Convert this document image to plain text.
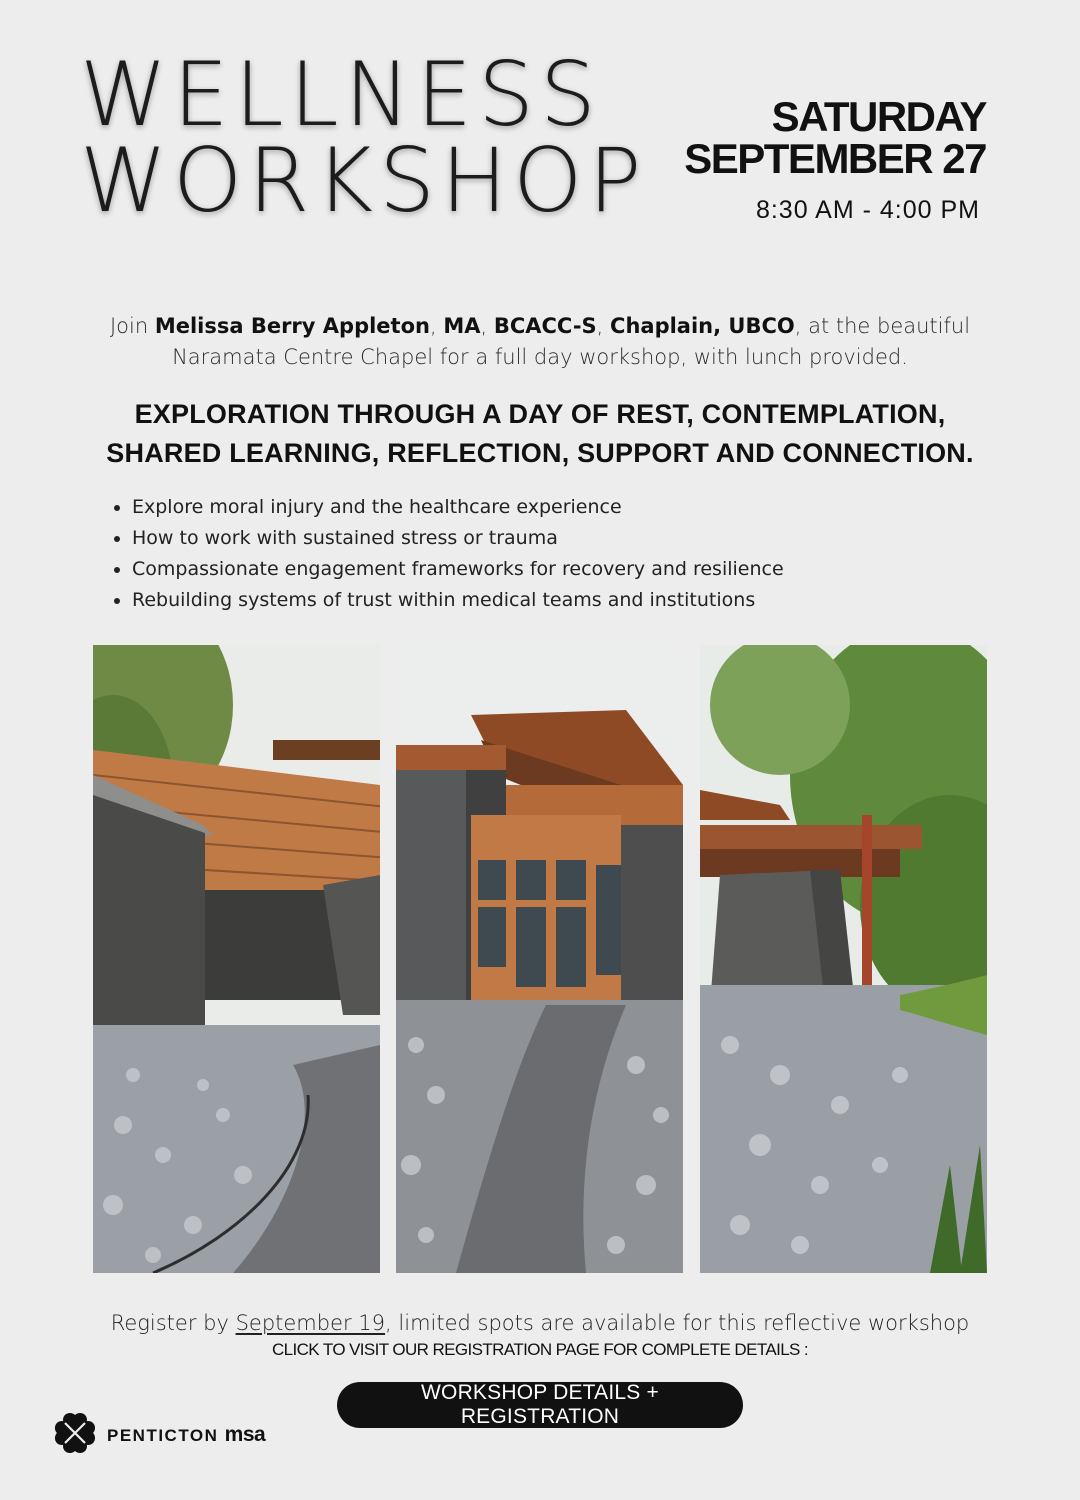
WELLNESS
WORKSHOP
SATURDAY
SEPTEMBER 27
8:30 AM - 4:00 PM

Join Melissa Berry Appleton, MA, BCACC-S, Chaplain, UBCO, at the beautiful Naramata Centre Chapel for a full day workshop, with lunch provided.

EXPLORATION THROUGH A DAY OF REST, CONTEMPLATION,
SHARED LEARNING, REFLECTION, SUPPORT AND CONNECTION.
• Explore moral injury and the healthcare experience
• How to work with sustained stress or trauma
• Compassionate engagement frameworks for recovery and resilience
• Rebuilding systems of trust within medical teams and institutions

Register by September 19, limited spots are available for this reflective workshop

CLICK TO VISIT OUR REGISTRATION PAGE FOR COMPLETE DETAILS :
WORKSHOP DETAILS + REGISTRATION
PENTICTON msa
